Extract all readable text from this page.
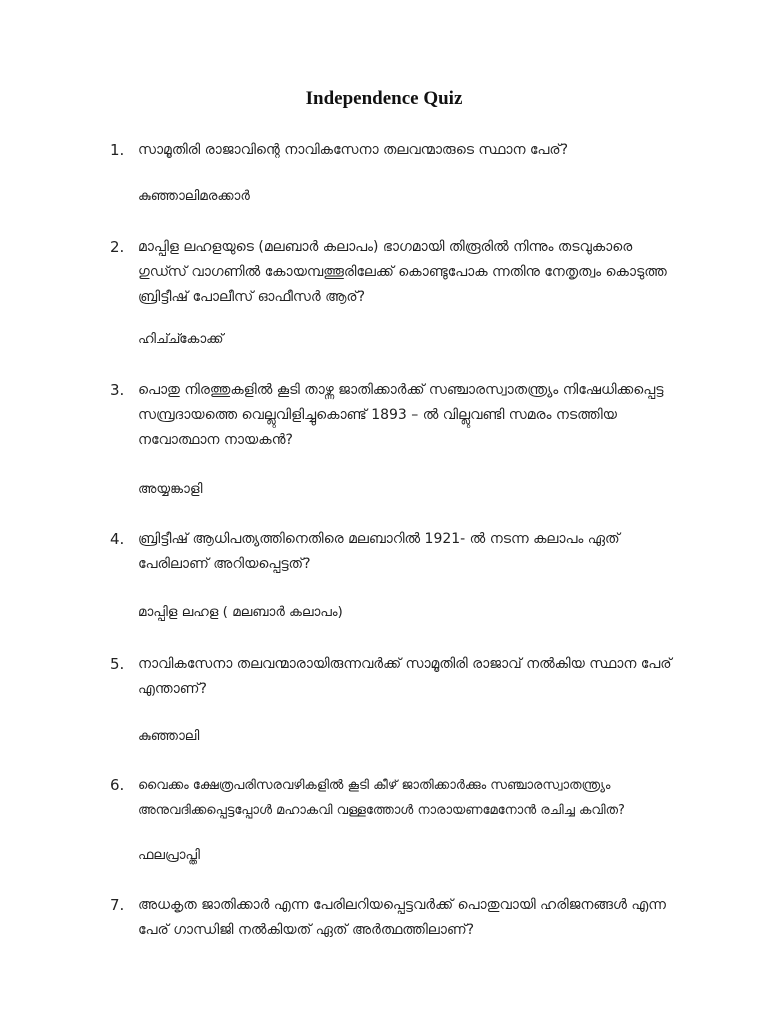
Independence Quiz
1. സാമൂതിരി രാജാവിന്റെ നാവികസേനാ തലവന്മാരുടെ സ്ഥാന പേര്?
കുഞ്ഞാലിമരക്കാർ
2. മാപ്പിള ലഹളയുടെ (മലബാർ കലാപം) ഭാഗമായി തിരൂരിൽ നിന്നും തടവുകാരെ
ഗുഡ്സ് വാഗണിൽ കോയമ്പത്തൂരിലേക്ക് കൊണ്ടുപോക ന്നതിനു നേതൃത്വം കൊടുത്ത
ബ്രിട്ടീഷ് പോലീസ് ഓഫീസർ ആര്?
ഹിച്ച്കോക്ക്
3. പൊതു നിരത്തുകളിൽ കൂടി താഴ്ന്ന ജാതിക്കാർക്ക് സഞ്ചാരസ്വാതന്ത്ര്യം നിഷേധിക്കപ്പെട്ട
സമ്പ്രദായത്തെ വെല്ലുവിളിച്ചുകൊണ്ട് 1893 – ൽ വില്ലുവണ്ടി സമരം നടത്തിയ
നവോത്ഥാന നായകൻ?
അയ്യങ്കാളി
4. ബ്രിട്ടീഷ് ആധിപത്യത്തിനെതിരെ മലബാറിൽ 1921- ൽ നടന്ന കലാപം ഏത്
പേരിലാണ് അറിയപ്പെട്ടത്?
മാപ്പിള ലഹള ( മലബാർ കലാപം)
5. നാവികസേനാ തലവന്മാരായിരുന്നവർക്ക് സാമൂതിരി രാജാവ് നൽകിയ സ്ഥാന പേര്
എന്താണ്?
കുഞ്ഞാലി
6. വൈക്കം ക്ഷേത്രപരിസരവഴികളിൽ കൂടി കീഴ് ജാതിക്കാർക്കും സഞ്ചാരസ്വാതന്ത്ര്യം
അനുവദിക്കപ്പെട്ടപ്പോൾ മഹാകവി വള്ളത്തോൾ നാരായണമേനോൻ രചിച്ച കവിത?
ഫലപ്രാപ്തി
7. അധകൃത ജാതിക്കാർ എന്ന പേരിലറിയപ്പെട്ടവർക്ക് പൊതുവായി ഹരിജനങ്ങൾ എന്ന
പേര് ഗാന്ധിജി നൽകിയത് ഏത് അർത്ഥത്തിലാണ്?
